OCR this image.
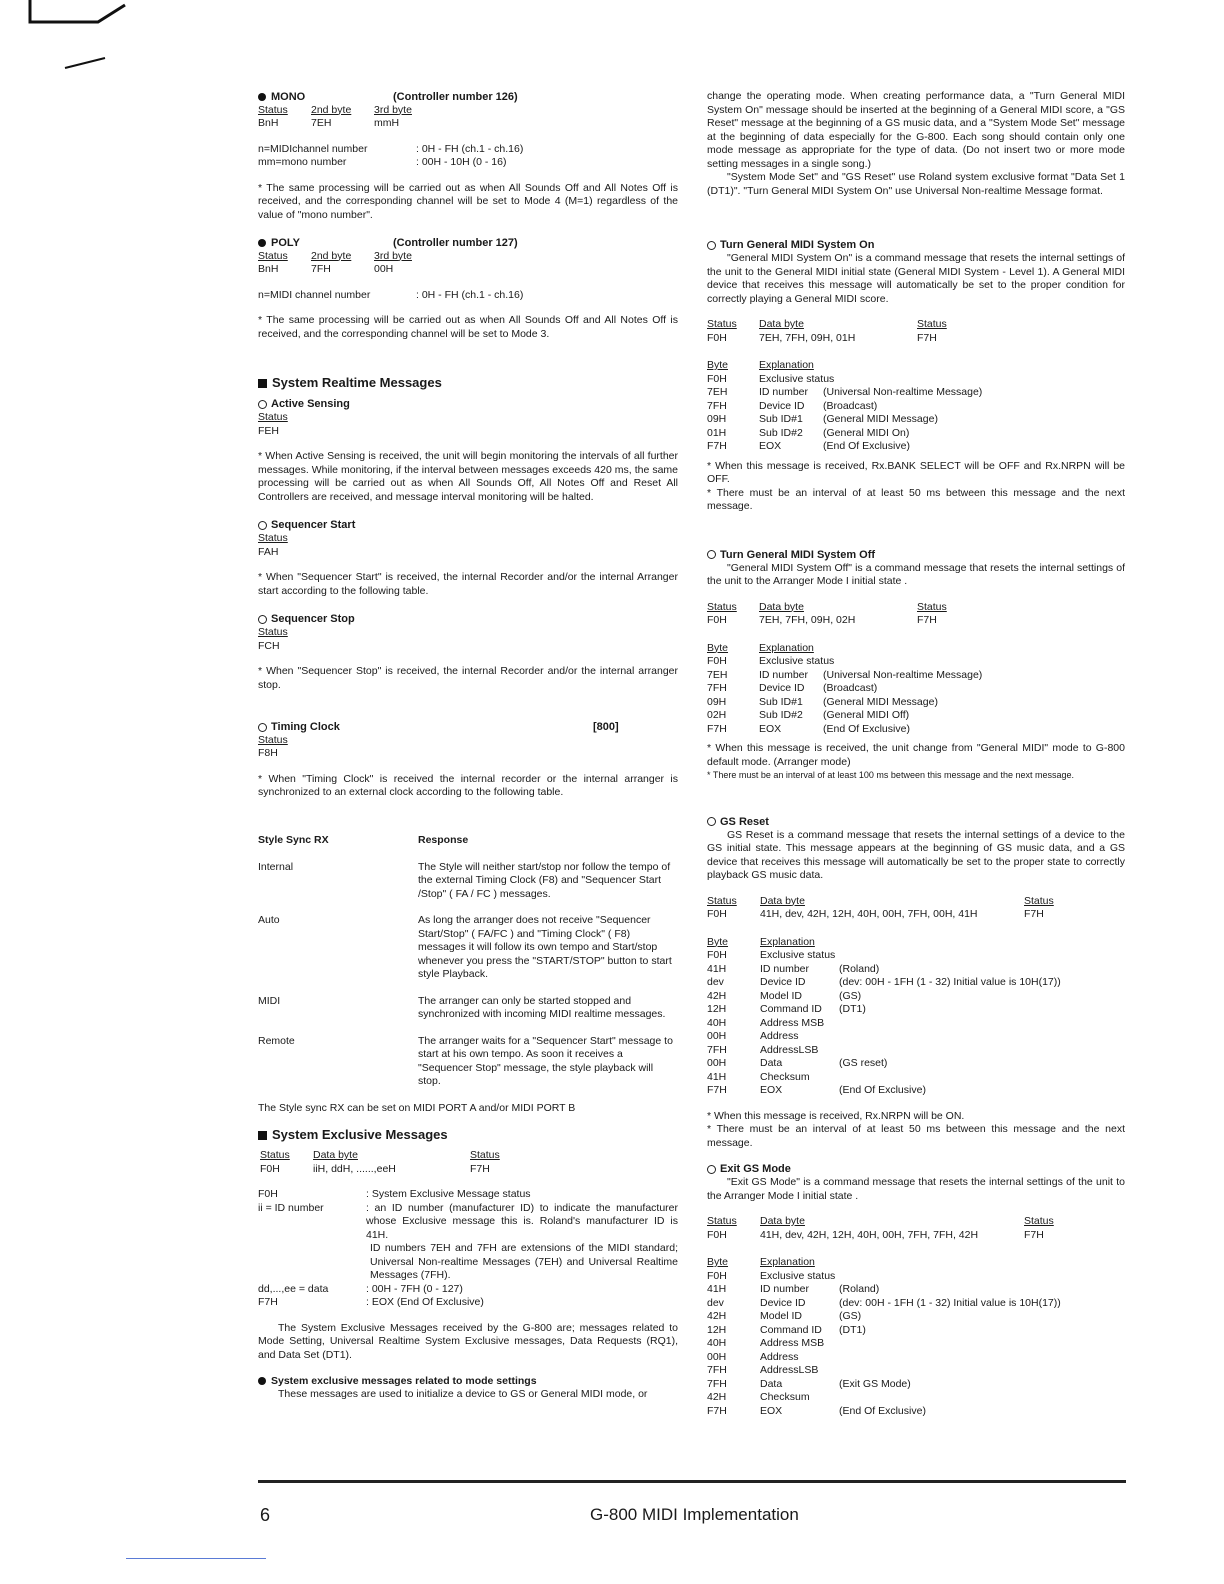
MONO	(Controller number 126)
Status 2nd byte 3rd byte
BnH	7EH	mmH
n=MIDIchannel number	: 0H - FH (ch.1 - ch.16)
mm=mono number	: 00H - 10H (0 - 16)
* The same processing will be carried out as when All Sounds Off and All Notes Off is received, and the corresponding channel will be set to Mode 4 (M=1) regardless of the value of "mono number".
POLY	(Controller number 127)
Status 2nd byte 3rd byte
BnH	7FH	00H
n=MIDI channel number	: 0H - FH (ch.1 - ch.16)
* The same processing will be carried out as when All Sounds Off and All Notes Off is received, and the corresponding channel will be set to Mode 3.
System Realtime Messages
Active Sensing
Status
FEH
* When Active Sensing is received, the unit will begin monitoring the intervals of all further messages. While monitoring, if the interval between messages exceeds 420 ms, the same processing will be carried out as when All Sounds Off, All Notes Off and Reset All Controllers are received, and message interval monitoring will be halted.
Sequencer Start
Status
FAH
* When "Sequencer Start" is received, the internal Recorder and/or the internal Arranger start according to the following table.
Sequencer Stop
Status
FCH
* When "Sequencer Stop" is received, the internal Recorder and/or the internal arranger stop.
Timing Clock	[800]
Status
F8H
* When "Timing Clock" is received the internal recorder or the internal arranger is synchronized to an external clock according to the following table.
Style Sync RX	Response
Internal	The Style will neither start/stop nor follow the tempo of the external Timing Clock (F8) and "Sequencer Start /Stop" ( FA / FC ) messages.
Auto	As long the arranger does not receive "Sequencer Start/Stop" ( FA/FC ) and "Timing Clock" ( F8) messages it will follow its own tempo and Start/stop whenever you press the "START/STOP" button to start style Playback.
MIDI	The arranger can only be started stopped and synchronized with incoming MIDI realtime messages.
Remote	The arranger waits for a "Sequencer Start" message to start at his own tempo. As soon it receives a "Sequencer Stop" message, the style playback will stop.
The Style sync RX can be set on MIDI PORT A and/or MIDI PORT B
System Exclusive Messages
Status Data byte	Status
F0H	iiH, ddH, ......,eeH	F7H
F0H	: System Exclusive Message status
ii = ID number	: an ID number (manufacturer ID) to indicate the manufacturer whose Exclusive message this is. Roland's manufacturer ID is 41H.
ID numbers 7EH and 7FH are extensions of the MIDI standard; Universal Non-realtime Messages (7EH) and Universal Realtime Messages (7FH).
dd,...,ee = data	: 00H - 7FH (0 - 127)
F7H	: EOX (End Of Exclusive)
The System Exclusive Messages received by the G-800 are; messages related to Mode Setting, Universal Realtime System Exclusive messages, Data Requests (RQ1), and Data Set (DT1).
System exclusive messages related to mode settings
These messages are used to initialize a device to GS or General MIDI mode, or
change the operating mode. When creating performance data, a "Turn General MIDI System On" message should be inserted at the beginning of a General MIDI score, a "GS Reset" message at the beginning of a GS music data, and a "System Mode Set" message at the beginning of data especially for the G-800. Each song should contain only one mode message as appropriate for the type of data. (Do not insert two or more mode setting messages in a single song.)
"System Mode Set" and "GS Reset" use Roland system exclusive format "Data Set 1 (DT1)". "Turn General MIDI System On" use Universal Non-realtime Message format.
Turn General MIDI System On
"General MIDI System On" is a command message that resets the internal settings of the unit to the General MIDI initial state (General MIDI System - Level 1). A General MIDI device that receives this message will automatically be set to the proper condition for correctly playing a General MIDI score.
Status Data byte	Status
F0H	7EH, 7FH, 09H, 01H	F7H
Byte	Explanation
F0H	Exclusive status
7EH	ID number (Universal Non-realtime Message)
7FH	Device ID (Broadcast)
09H	Sub ID#1 (General MIDI Message)
01H	Sub ID#2 (General MIDI On)
F7H	EOX	(End Of Exclusive)
* When this message is received, Rx.BANK SELECT will be OFF and Rx.NRPN will be OFF.
* There must be an interval of at least 50 ms between this message and the next message.
Turn General MIDI System Off
"General MIDI System Off" is a command message that resets the internal settings of the unit to the Arranger Mode I initial state .
Status Data byte	Status
F0H	7EH, 7FH, 09H, 02H	F7H
Byte	Explanation
F0H	Exclusive status
7EH	ID number (Universal Non-realtime Message)
7FH	Device ID (Broadcast)
09H	Sub ID#1 (General MIDI Message)
02H	Sub ID#2 (General MIDI Off)
F7H	EOX	(End Of Exclusive)
* When this message is received, the unit change from "General MIDI" mode to G-800 default mode. (Arranger mode)
* There must be an interval of at least 100 ms between this message and the next message.
GS Reset
GS Reset is a command message that resets the internal settings of a device to the GS initial state. This message appears at the beginning of GS music data, and a GS device that receives this message will automatically be set to the proper state to correctly playback GS music data.
Status Data byte	Status
F0H	41H, dev, 42H, 12H, 40H, 00H, 7FH, 00H, 41H	F7H
Byte	Explanation
F0H	Exclusive status
41H	ID number	(Roland)
dev	Device ID	(dev: 00H - 1FH (1 - 32) Initial value is 10H(17))
42H	Model ID	(GS)
12H	Command ID (DT1)
40H	Address MSB
00H	Address
7FH	AddressLSB
00H	Data	(GS reset)
41H	Checksum
F7H	EOX	(End Of Exclusive)
* When this message is received, Rx.NRPN will be ON.
* There must be an interval of at least 50 ms between this message and the next message.
Exit GS Mode
"Exit GS Mode" is a command message that resets the internal settings of the unit to the Arranger Mode I initial state .
Status Data byte	Status
F0H	41H, dev, 42H, 12H, 40H, 00H, 7FH, 7FH, 42H	F7H
Byte	Explanation
F0H	Exclusive status
41H	ID number	(Roland)
dev	Device ID	(dev: 00H - 1FH (1 - 32) Initial value is 10H(17))
42H	Model ID	(GS)
12H	Command ID (DT1)
40H	Address MSB
00H	Address
7FH	AddressLSB
7FH	Data	(Exit GS Mode)
42H	Checksum
F7H	EOX	(End Of Exclusive)
6	G-800 MIDI Implementation
